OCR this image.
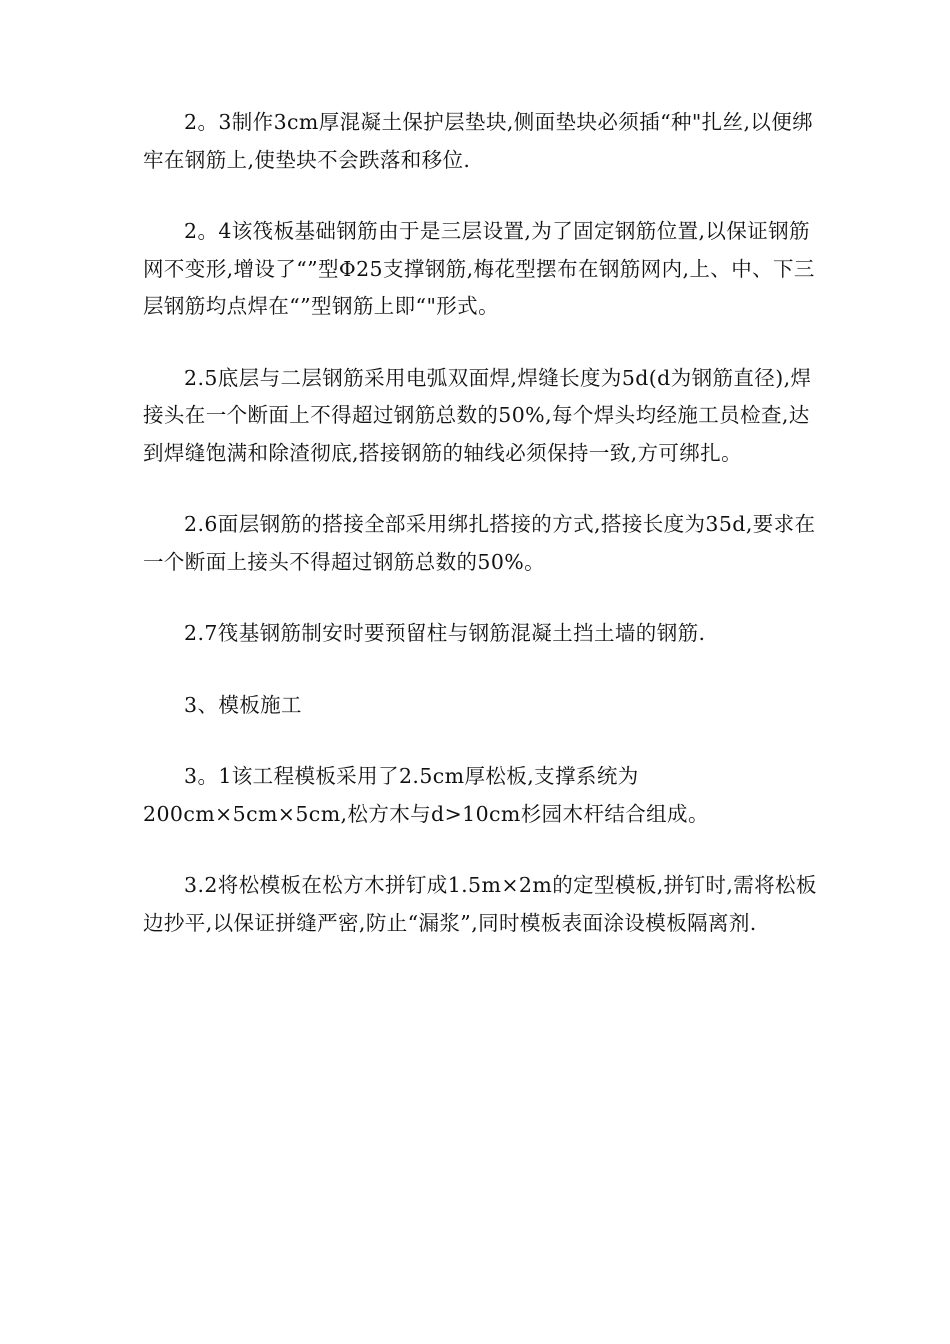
2。3制作3cm厚混凝土保护层垫块,侧面垫块必须插“种"扎丝,以便绑牢在钢筋上,使垫块不会跌落和移位.

2。4该筏板基础钢筋由于是三层设置,为了固定钢筋位置,以保证钢筋网不变形,增设了“”型Φ25支撑钢筋,梅花型摆布在钢筋网内,上、中、下三层钢筋均点焊在“”型钢筋上即“"形式。

2.5底层与二层钢筋采用电弧双面焊,焊缝长度为5d(d为钢筋直径),焊接头在一个断面上不得超过钢筋总数的50%,每个焊头均经施工员检查,达到焊缝饱满和除渣彻底,搭接钢筋的轴线必须保持一致,方可绑扎。

2.6面层钢筋的搭接全部采用绑扎搭接的方式,搭接长度为35d,要求在一个断面上接头不得超过钢筋总数的50%。

2.7筏基钢筋制安时要预留柱与钢筋混凝土挡土墙的钢筋.

3、模板施工

3。1该工程模板采用了2.5cm厚松板,支撑系统为
200cm×5cm×5cm,松方木与d>10cm杉园木杆结合组成。

3.2将松模板在松方木拼钉成1.5m×2m的定型模板,拼钉时,需将松板边抄平,以保证拼缝严密,防止“漏浆”,同时模板表面涂设模板隔离剂.
